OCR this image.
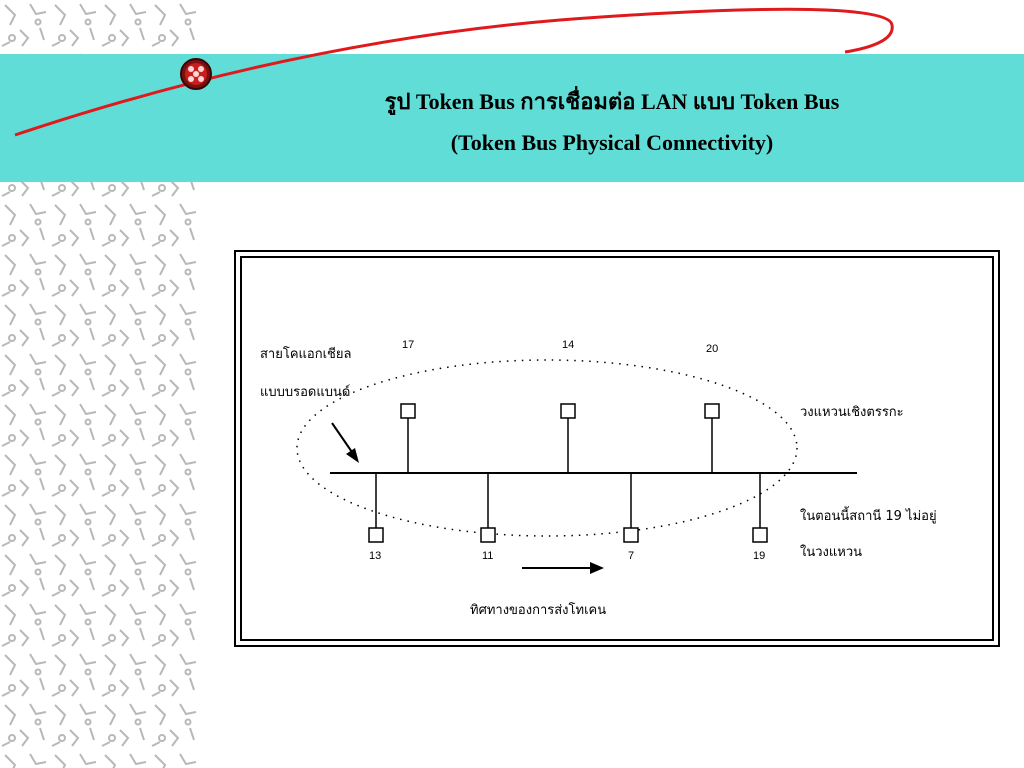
รูป Token Bus การเชื่อมต่อ LAN แบบ Token Bus
(Token Bus Physical Connectivity)
17	14	20
13	11	7	19
สายโคแอกเชียล
แบบบรอดแบนด์
วงแหวนเชิงตรรกะ
ในตอนนี้สถานี 19 ไม่อยู่
ในวงแหวน
ทิศทางของการส่งโทเคน
